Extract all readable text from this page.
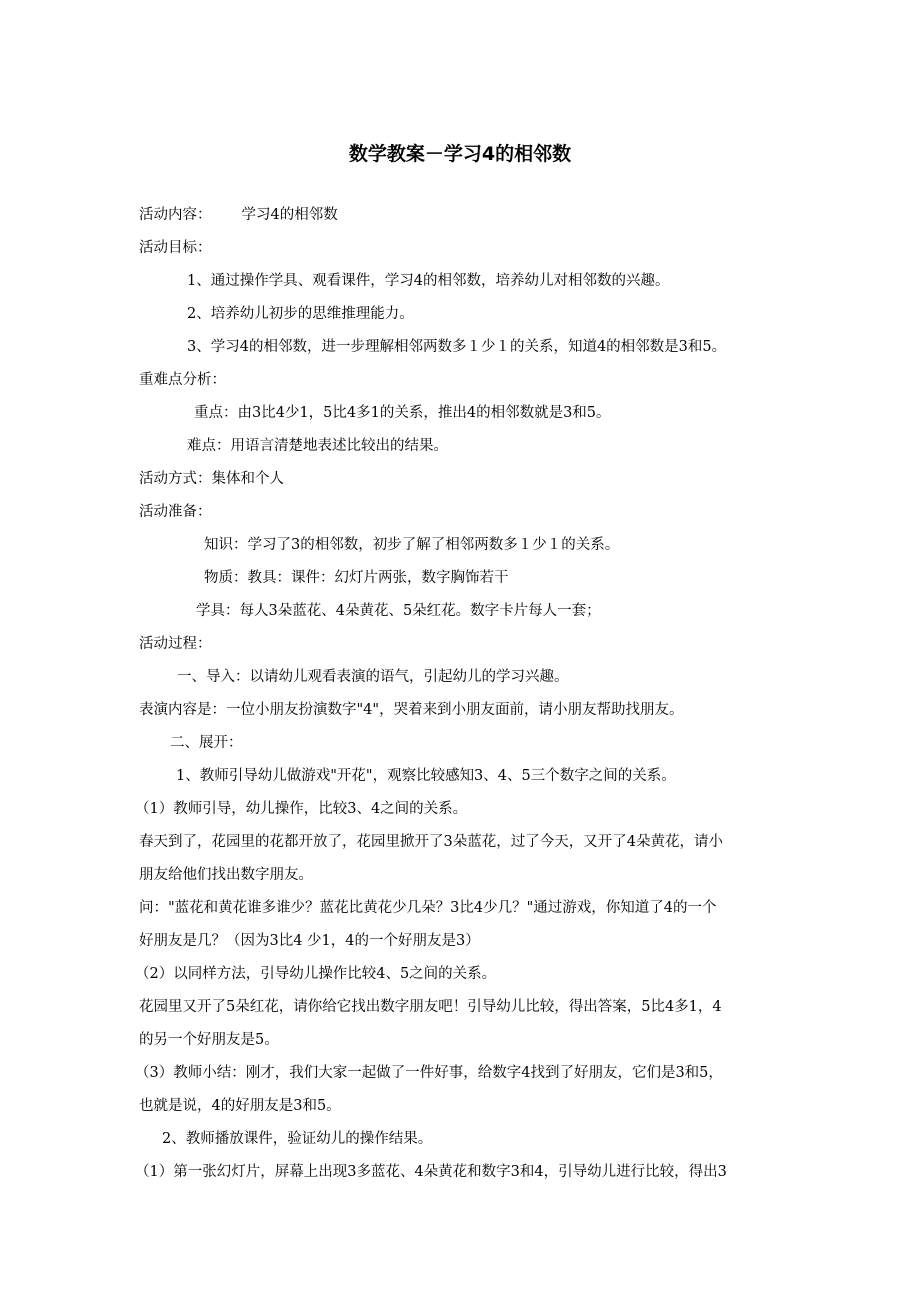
数学教案－学习4的相邻数
活动内容： 学习4的相邻数
活动目标：
1、通过操作学具、观看课件，学习4的相邻数，培养幼儿对相邻数的兴趣。
2、培养幼儿初步的思维推理能力。
3、学习4的相邻数，进一步理解相邻两数多１少１的关系，知道4的相邻数是3和5。
重难点分析：
重点：由3比4少1，5比4多1的关系，推出4的相邻数就是3和5。
难点：用语言清楚地表述比较出的结果。
活动方式：集体和个人
活动准备：
知识：学习了3的相邻数，初步了解了相邻两数多１少１的关系。
物质：教具：课件：幻灯片两张，数字胸饰若干
学具：每人3朵蓝花、4朵黄花、5朵红花。数字卡片每人一套；
活动过程：
一、导入：以请幼儿观看表演的语气，引起幼儿的学习兴趣。
表演内容是：一位小朋友扮演数字"4"，哭着来到小朋友面前，请小朋友帮助找朋友。
二、展开：
1、教师引导幼儿做游戏"开花"，观察比较感知3、4、5三个数字之间的关系。
（1）教师引导，幼儿操作，比较3、4之间的关系。
春天到了，花园里的花都开放了，花园里掀开了3朵蓝花，过了今天，又开了4朵黄花，请小
朋友给他们找出数字朋友。
问："蓝花和黄花谁多谁少？蓝花比黄花少几朵？3比4少几？"通过游戏，你知道了4的一个
好朋友是几？（因为3比4 少1，4的一个好朋友是3）
（2）以同样方法，引导幼儿操作比较4、5之间的关系。
花园里又开了5朵红花，请你给它找出数字朋友吧！引导幼儿比较，得出答案，5比4多1，4
的另一个好朋友是5。
（3）教师小结：刚才，我们大家一起做了一件好事，给数字4找到了好朋友，它们是3和5，
也就是说，4的好朋友是3和5。
2、教师播放课件，验证幼儿的操作结果。
（1）第一张幻灯片，屏幕上出现3多蓝花、4朵黄花和数字3和4，引导幼儿进行比较，得出3
